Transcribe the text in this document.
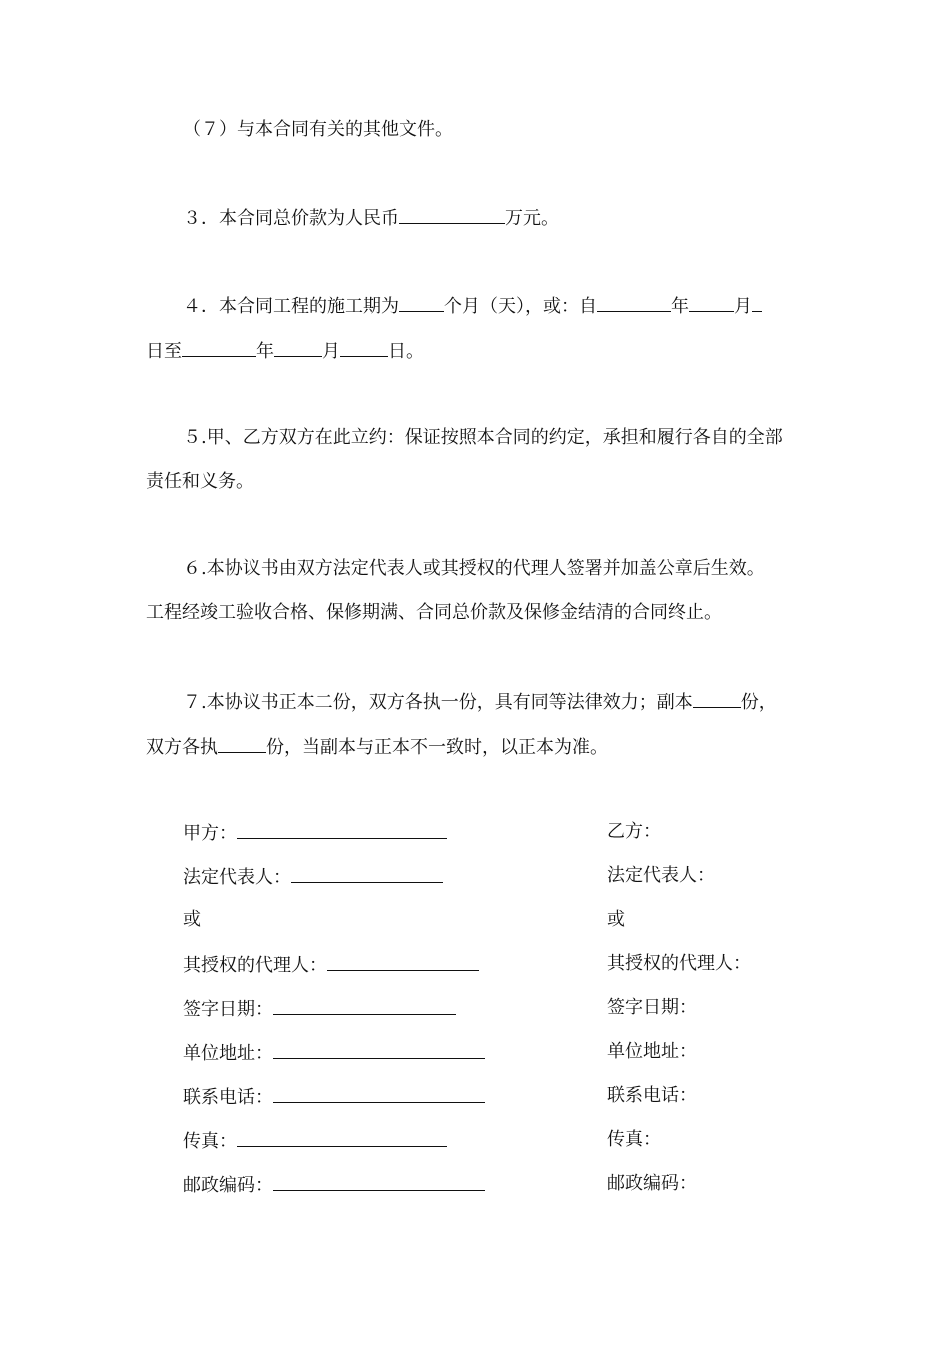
（７）与本合同有关的其他文件。
３．本合同总价款为人民币	万元。
４．本合同工程的施工期为	个月（天），或：自	年	月
日至	年	月	日。
５.甲、乙方双方在此立约：保证按照本合同的约定，承担和履行各自的全部
责任和义务。
６.本协议书由双方法定代表人或其授权的代理人签署并加盖公章后生效。
工程经竣工验收合格、保修期满、合同总价款及保修金结清的合同终止。
７.本协议书正本二份，双方各执一份，具有同等法律效力；副本	份，
双方各执	份，当副本与正本不一致时，以正本为准。
甲方：
法定代表人：
或
其授权的代理人：
签字日期：
单位地址：
联系电话：
传真：
邮政编码：
乙方：
法定代表人：
或
其授权的代理人：
签字日期：
单位地址：
联系电话：
传真：
邮政编码：
